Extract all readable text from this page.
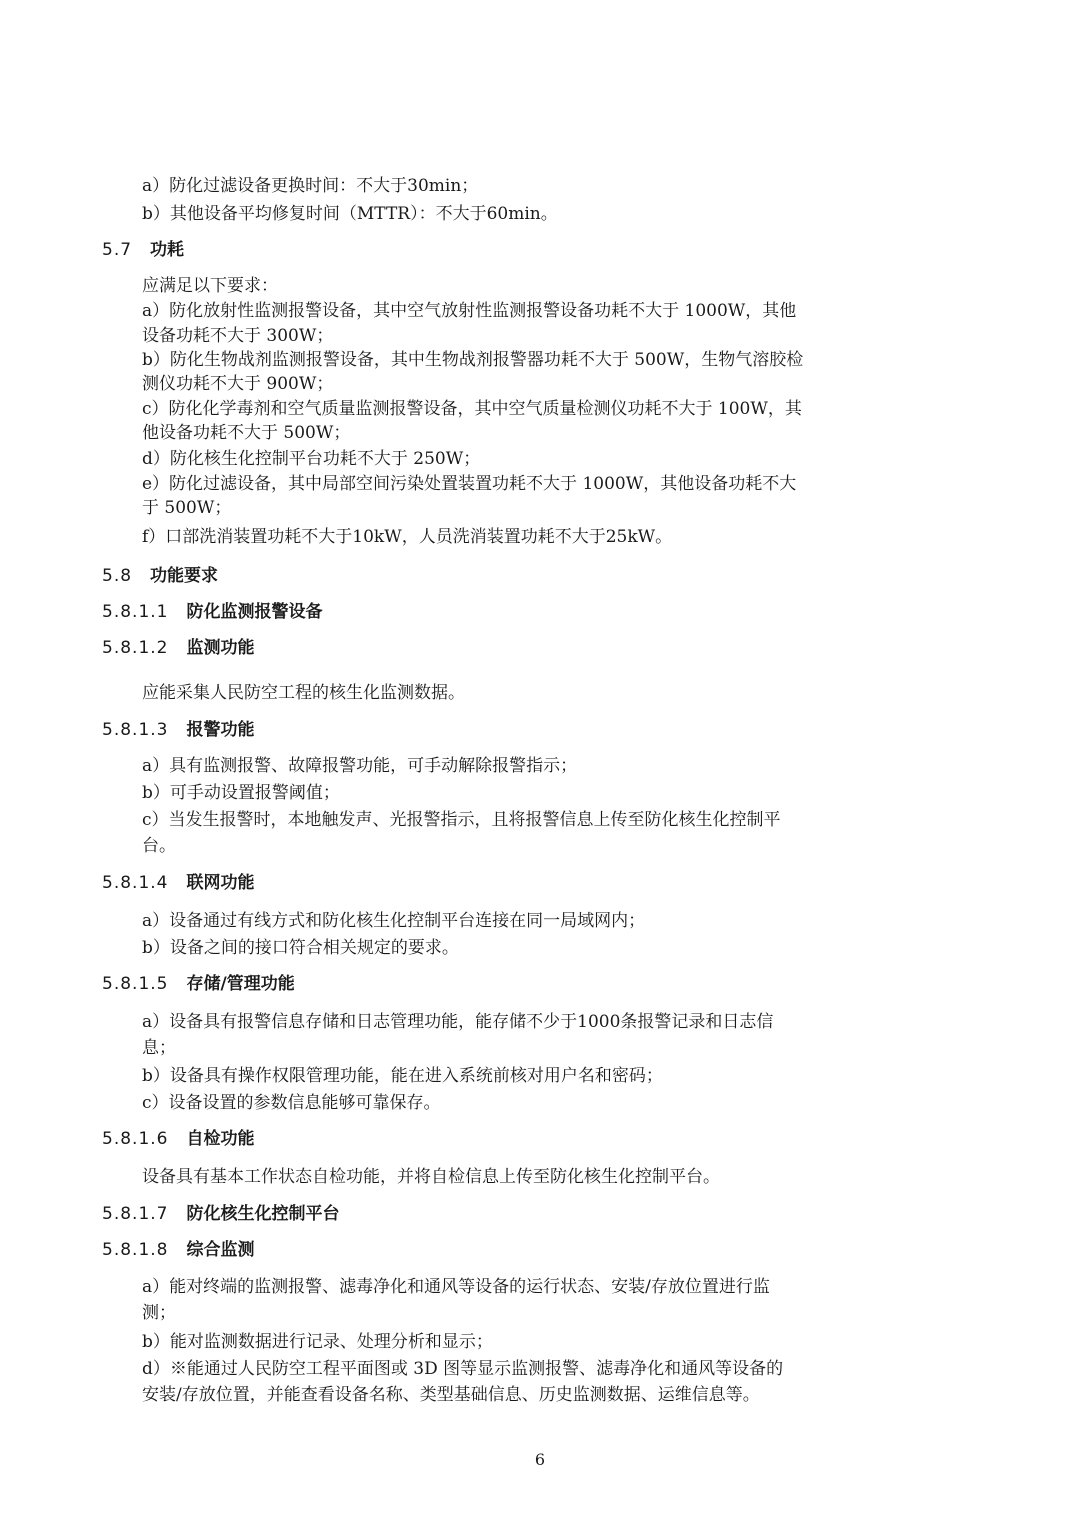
a）防化过滤设备更换时间：不大于30min；
b）其他设备平均修复时间（MTTR）：不大于60min。
5.7 功耗
应满足以下要求：
a）防化放射性监测报警设备，其中空气放射性监测报警设备功耗不大于 1000W，其他
设备功耗不大于 300W；
b）防化生物战剂监测报警设备，其中生物战剂报警器功耗不大于 500W，生物气溶胶检
测仪功耗不大于 900W；
c）防化化学毒剂和空气质量监测报警设备，其中空气质量检测仪功耗不大于 100W，其
他设备功耗不大于 500W；
d）防化核生化控制平台功耗不大于 250W；
e）防化过滤设备，其中局部空间污染处置装置功耗不大于 1000W，其他设备功耗不大
于 500W；
f）口部洗消装置功耗不大于10kW，人员洗消装置功耗不大于25kW。
5.8 功能要求
5.8.1.1 防化监测报警设备
5.8.1.2 监测功能
应能采集人民防空工程的核生化监测数据。
5.8.1.3 报警功能
a）具有监测报警、故障报警功能，可手动解除报警指示；
b）可手动设置报警阈值；
c）当发生报警时，本地触发声、光报警指示，且将报警信息上传至防化核生化控制平
台。
5.8.1.4 联网功能
a）设备通过有线方式和防化核生化控制平台连接在同一局域网内；
b）设备之间的接口符合相关规定的要求。
5.8.1.5 存储/管理功能
a）设备具有报警信息存储和日志管理功能，能存储不少于1000条报警记录和日志信
息；
b）设备具有操作权限管理功能，能在进入系统前核对用户名和密码；
c）设备设置的参数信息能够可靠保存。
5.8.1.6 自检功能
设备具有基本工作状态自检功能，并将自检信息上传至防化核生化控制平台。
5.8.1.7 防化核生化控制平台
5.8.1.8 综合监测
a）能对终端的监测报警、滤毒净化和通风等设备的运行状态、安装/存放位置进行监
测；
b）能对监测数据进行记录、处理分析和显示；
d）※能通过人民防空工程平面图或 3D 图等显示监测报警、滤毒净化和通风等设备的
安装/存放位置，并能查看设备名称、类型基础信息、历史监测数据、运维信息等。
6
